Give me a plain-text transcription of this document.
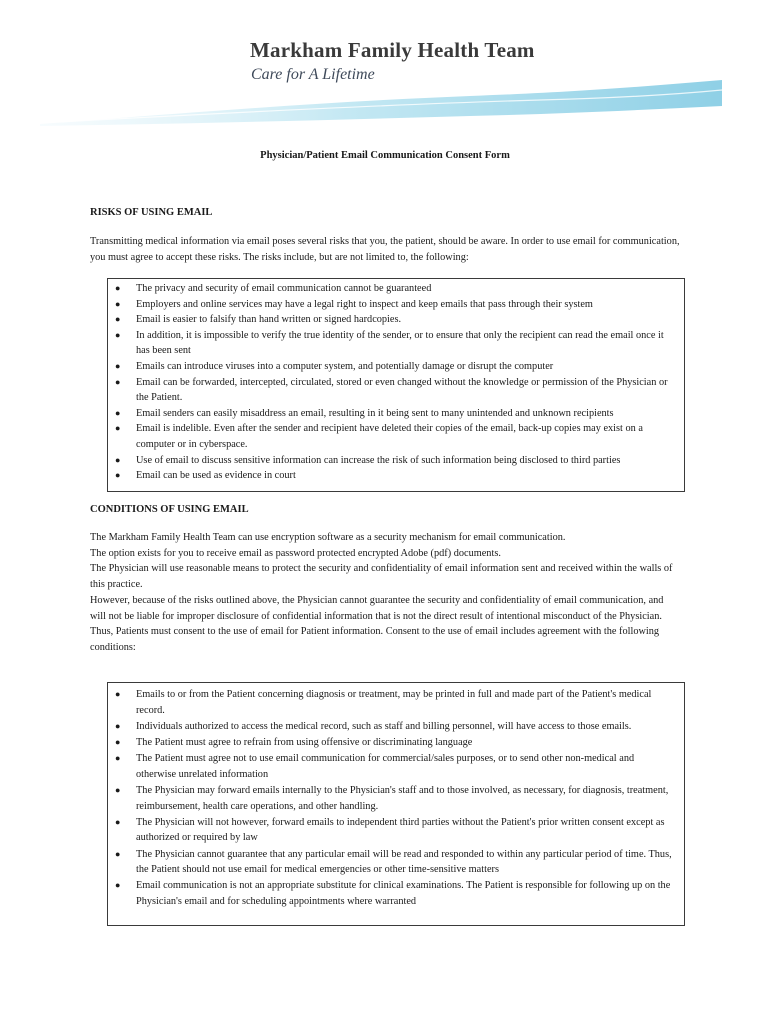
Markham Family Health Team

Care for A Lifetime

Physician/Patient Email Communication Consent Form
RISKS OF USING EMAIL

Transmitting medical information via email poses several risks that you, the patient, should be aware. In order to use email for communication, you must agree to accept these risks. The risks include, but are not limited to, the following:

● The privacy and security of email communication cannot be guaranteed
● Employers and online services may have a legal right to inspect and keep emails that pass through their system
● Email is easier to falsify than hand written or signed hardcopies.
● In addition, it is impossible to verify the true identity of the sender, or to ensure that only the recipient can read the email once it has been sent
● Emails can introduce viruses into a computer system, and potentially damage or disrupt the computer
● Email can be forwarded, intercepted, circulated, stored or even changed without the knowledge or permission of the Physician or the Patient.
● Email senders can easily misaddress an email, resulting in it being sent to many unintended and unknown recipients
● Email is indelible. Even after the sender and recipient have deleted their copies of the email, back-up copies may exist on a computer or in cyberspace.
● Use of email to discuss sensitive information can increase the risk of such information being disclosed to third parties
● Email can be used as evidence in court
CONDITIONS OF USING EMAIL

The Markham Family Health Team can use encryption software as a security mechanism for email communication.

The option exists for you to receive email as password protected encrypted Adobe (pdf) documents.

The Physician will use reasonable means to protect the security and confidentiality of email information sent and received within the walls of this practice.

However, because of the risks outlined above, the Physician cannot guarantee the security and confidentiality of email communication, and will not be liable for improper disclosure of confidential information that is not the direct result of intentional misconduct of the Physician. Thus, Patients must consent to the use of email for Patient information. Consent to the use of email includes agreement with the following conditions:

● Emails to or from the Patient concerning diagnosis or treatment, may be printed in full and made part of the Patient's medical record.
● Individuals authorized to access the medical record, such as staff and billing personnel, will have access to those emails.
● The Patient must agree to refrain from using offensive or discriminating language
● The Patient must agree not to use email communication for commercial/sales purposes, or to send other non-medical and otherwise unrelated information
● The Physician may forward emails internally to the Physician's staff and to those involved, as necessary, for diagnosis, treatment, reimbursement, health care operations, and other handling.
● The Physician will not however, forward emails to independent third parties without the Patient's prior written consent except as authorized or required by law
● The Physician cannot guarantee that any particular email will be read and responded to within any particular period of time. Thus, the Patient should not use email for medical emergencies or other time-sensitive matters
● Email communication is not an appropriate substitute for clinical examinations. The Patient is responsible for following up on the Physician's email and for scheduling appointments where warranted
